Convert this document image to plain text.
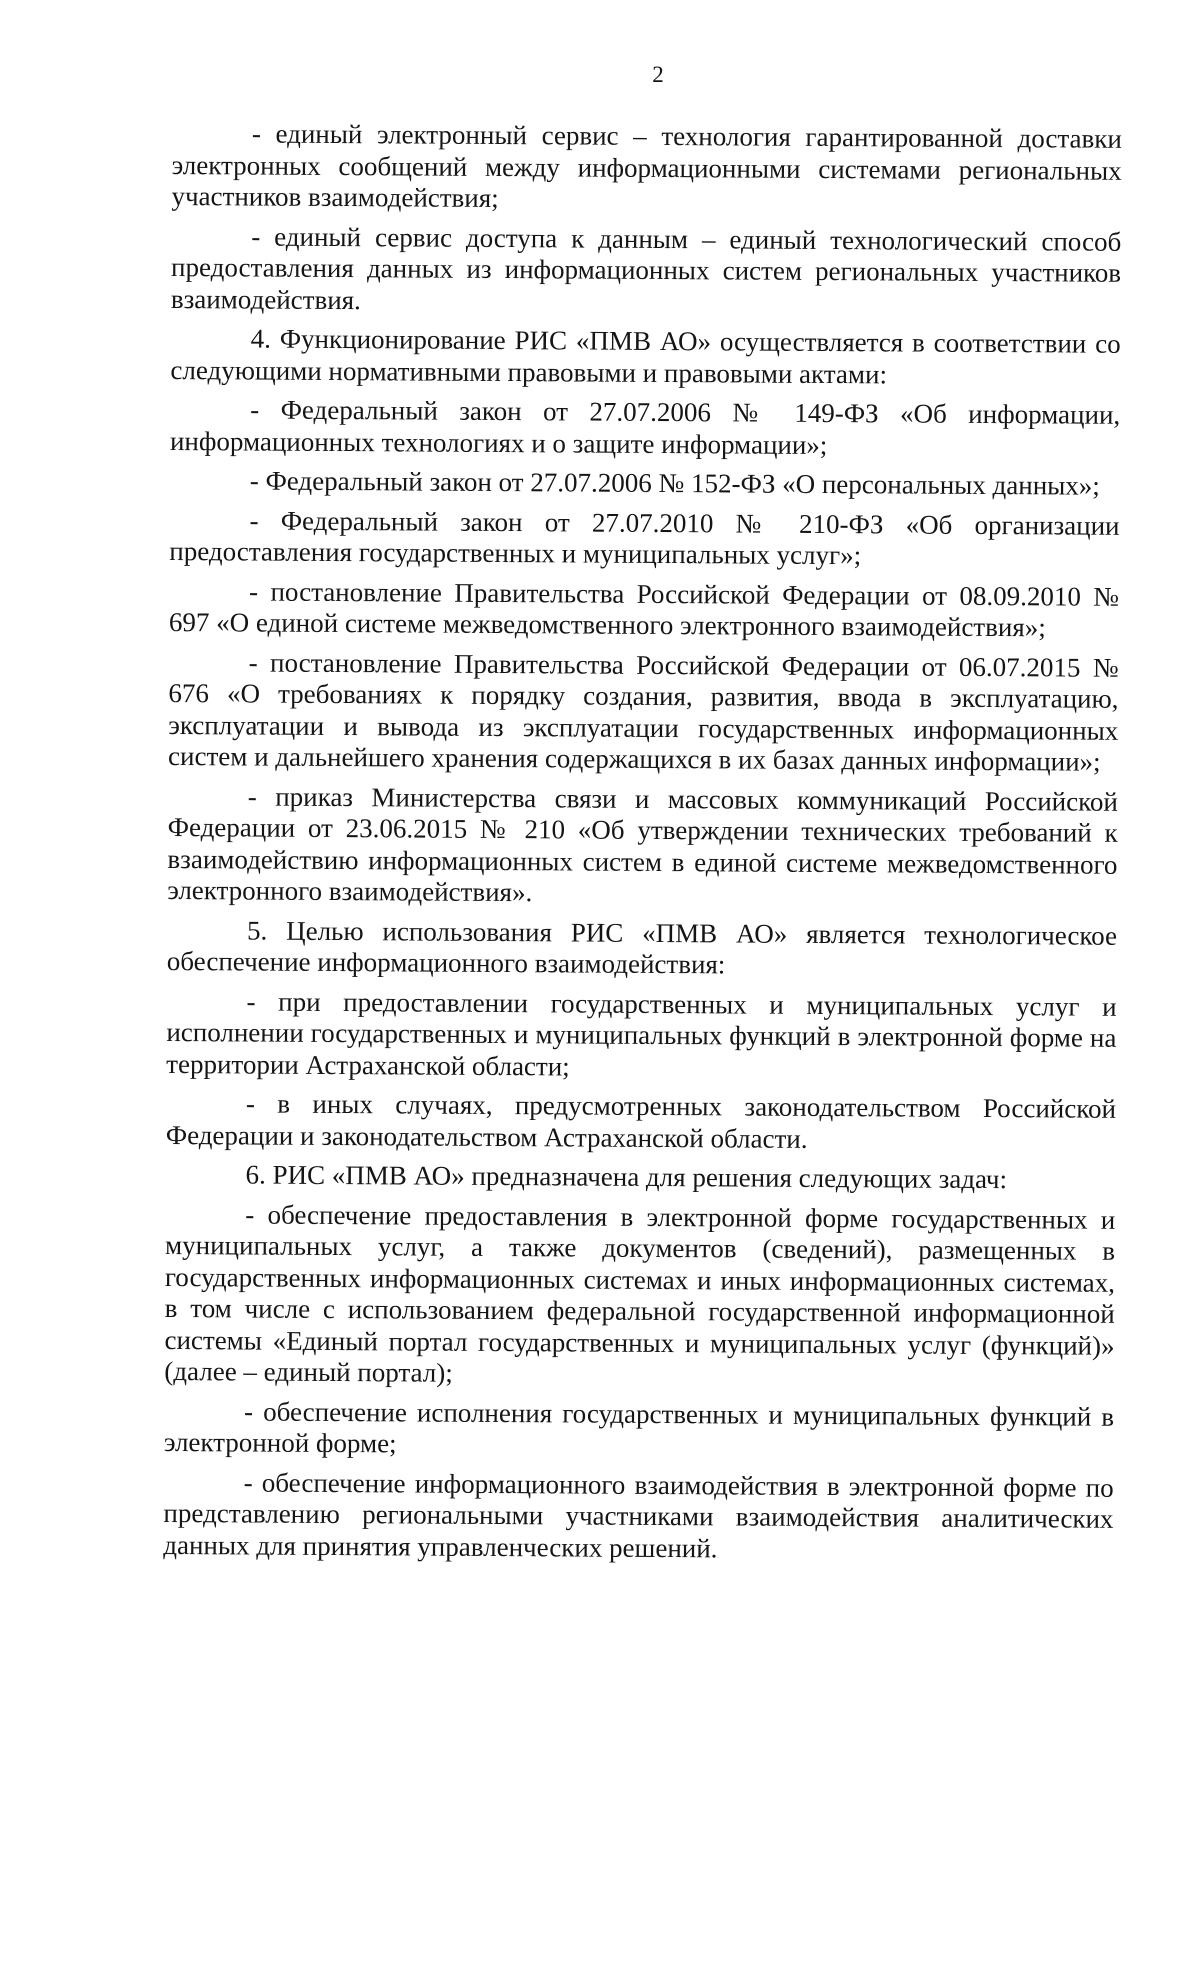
2

- единый электронный сервис – технология гарантированной доставки электронных сообщений между информационными системами региональных участников взаимодействия;

- единый сервис доступа к данным – единый технологический способ предоставления данных из информационных систем региональных участников взаимодействия.

4. Функционирование РИС «ПМВ АО» осуществляется в соответствии со следующими нормативными правовыми и правовыми актами:

- Федеральный закон от 27.07.2006 № 149-ФЗ «Об информации, информационных технологиях и о защите информации»;

- Федеральный закон от 27.07.2006 № 152-ФЗ «О персональных данных»;

- Федеральный закон от 27.07.2010 № 210-ФЗ «Об организации предоставления государственных и муниципальных услуг»;

- постановление Правительства Российской Федерации от 08.09.2010 № 697 «О единой системе межведомственного электронного взаимодействия»;

- постановление Правительства Российской Федерации от 06.07.2015 № 676 «О требованиях к порядку создания, развития, ввода в эксплуатацию, эксплуатации и вывода из эксплуатации государственных информационных систем и дальнейшего хранения содержащихся в их базах данных информации»;

- приказ Министерства связи и массовых коммуникаций Российской Федерации от 23.06.2015 № 210 «Об утверждении технических требований к взаимодействию информационных систем в единой системе межведомственного электронного взаимодействия».

5. Целью использования РИС «ПМВ АО» является технологическое обеспечение информационного взаимодействия:

- при предоставлении государственных и муниципальных услуг и исполнении государственных и муниципальных функций в электронной форме на территории Астраханской области;

- в иных случаях, предусмотренных законодательством Российской Федерации и законодательством Астраханской области.

6. РИС «ПМВ АО» предназначена для решения следующих задач:

- обеспечение предоставления в электронной форме государственных и муниципальных услуг, а также документов (сведений), размещенных в государственных информационных системах и иных информационных системах, в том числе с использованием федеральной государственной информационной системы «Единый портал государственных и муниципальных услуг (функций)» (далее – единый портал);

- обеспечение исполнения государственных и муниципальных функций в электронной форме;

- обеспечение информационного взаимодействия в электронной форме по представлению региональными участниками взаимодействия аналитических данных для принятия управленческих решений.
